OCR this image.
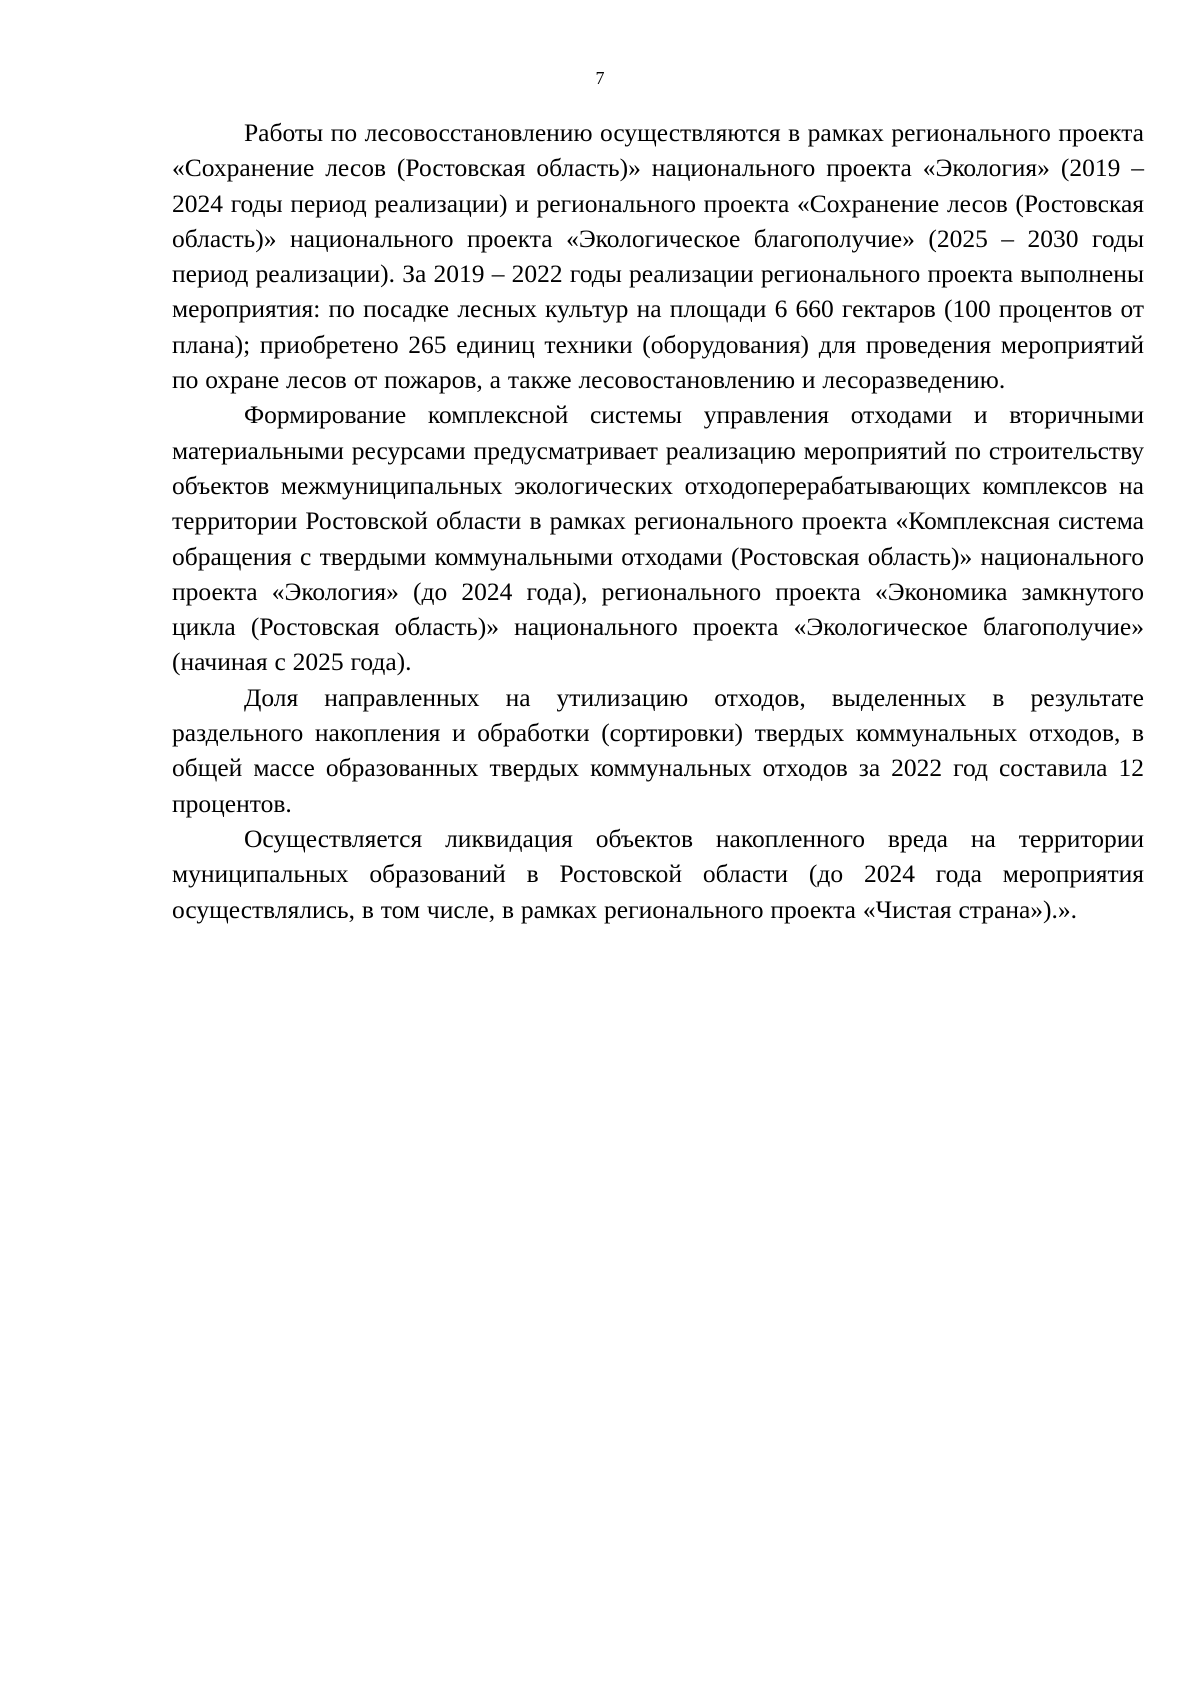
7

Работы по лесовосстановлению осуществляются в рамках регионального проекта «Сохранение лесов (Ростовская область)» национального проекта «Экология» (2019 – 2024 годы период реализации) и регионального проекта «Сохранение лесов (Ростовская область)» национального проекта «Экологическое благополучие» (2025 – 2030 годы период реализации). За 2019 – 2022 годы реализации регионального проекта выполнены мероприятия: по посадке лесных культур на площади 6 660 гектаров (100 процентов от плана); приобретено 265 единиц техники (оборудования) для проведения мероприятий по охране лесов от пожаров, а также лесовостановлению и лесоразведению.

Формирование комплексной системы управления отходами и вторичными материальными ресурсами предусматривает реализацию мероприятий по строительству объектов межмуниципальных экологических отходоперерабатывающих комплексов на территории Ростовской области в рамках регионального проекта «Комплексная система обращения с твердыми коммунальными отходами (Ростовская область)» национального проекта «Экология» (до 2024 года), регионального проекта «Экономика замкнутого цикла (Ростовская область)» национального проекта «Экологическое благополучие» (начиная с 2025 года).

Доля направленных на утилизацию отходов, выделенных в результате раздельного накопления и обработки (сортировки) твердых коммунальных отходов, в общей массе образованных твердых коммунальных отходов за 2022 год составила 12 процентов.

Осуществляется ликвидация объектов накопленного вреда на территории муниципальных образований в Ростовской области (до 2024 года мероприятия осуществлялись, в том числе, в рамках регионального проекта «Чистая страна»).».
